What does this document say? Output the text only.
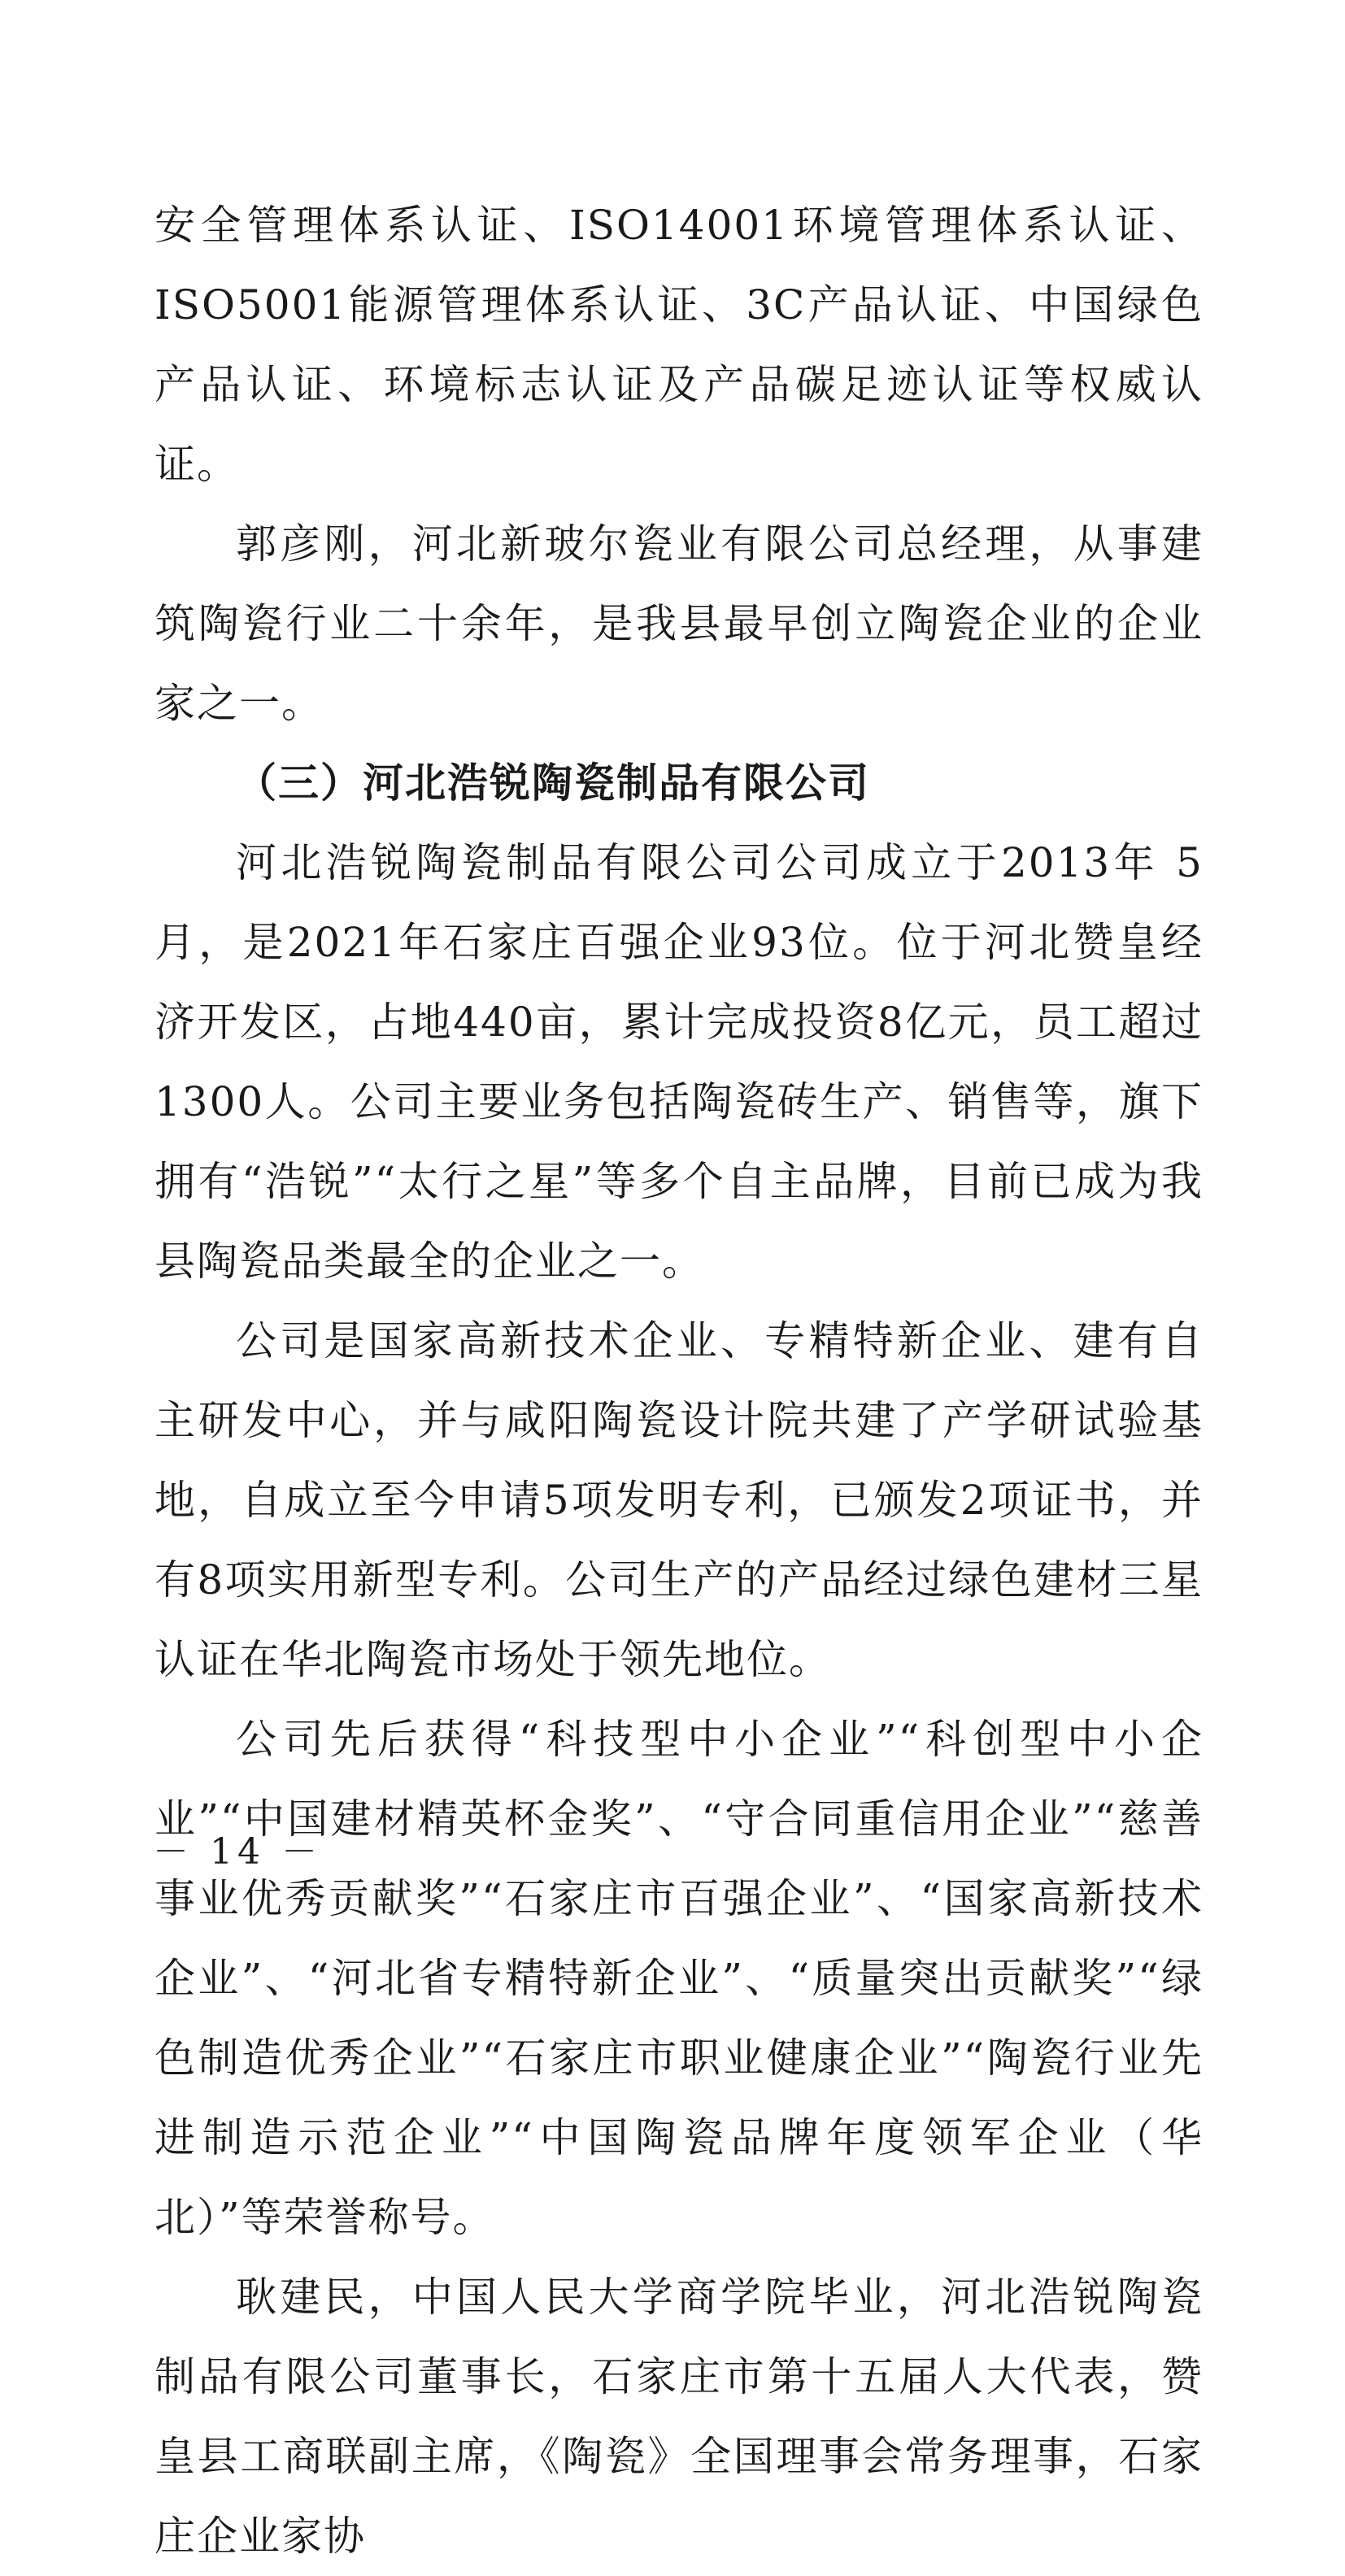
安全管理体系认证、ISO14001环境管理体系认证、ISO5001能源管理体系认证、3C产品认证、中国绿色产品认证、环境标志认证及产品碳足迹认证等权威认证。

郭彦刚，河北新玻尔瓷业有限公司总经理，从事建筑陶瓷行业二十余年，是我县最早创立陶瓷企业的企业家之一。

（三）河北浩锐陶瓷制品有限公司

河北浩锐陶瓷制品有限公司公司成立于2013年 5月，是2021年石家庄百强企业93位。位于河北赞皇经济开发区，占地440亩，累计完成投资8亿元，员工超过1300人。公司主要业务包括陶瓷砖生产、销售等，旗下拥有“浩锐”“太行之星”等多个自主品牌，目前已成为我县陶瓷品类最全的企业之一。

公司是国家高新技术企业、专精特新企业、建有自主研发中心，并与咸阳陶瓷设计院共建了产学研试验基地，自成立至今申请5项发明专利，已颁发2项证书，并有8项实用新型专利。公司生产的产品经过绿色建材三星认证在华北陶瓷市场处于领先地位。

公司先后获得“科技型中小企业”“科创型中小企业”“中国建材精英杯金奖”、“守合同重信用企业”“慈善事业优秀贡献奖”“石家庄市百强企业”、“国家高新技术企业”、“河北省专精特新企业”、“质量突出贡献奖”“绿色制造优秀企业”“石家庄市职业健康企业”“陶瓷行业先进制造示范企业”“中国陶瓷品牌年度领军企业（华北）”等荣誉称号。

耿建民，中国人民大学商学院毕业，河北浩锐陶瓷制品有限公司董事长，石家庄市第十五届人大代表，赞皇县工商联副主席，《陶瓷》全国理事会常务理事，石家庄企业家协

－ 14 －
